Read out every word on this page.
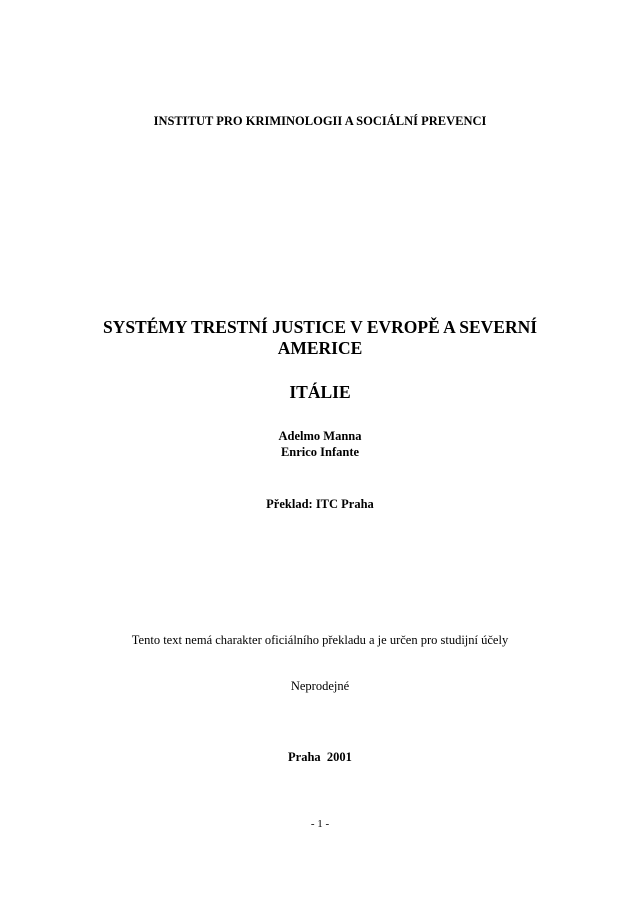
INSTITUT PRO KRIMINOLOGII A SOCIÁLNÍ PREVENCI
SYSTÉMY TRESTNÍ JUSTICE V EVROPĚ A SEVERNÍ
AMERICE
ITÁLIE
Adelmo Manna
Enrico Infante
Překlad: ITC Praha
Tento text nemá charakter oficiálního překladu a je určen pro studijní účely
Neprodejné
Praha  2001
- 1 -
